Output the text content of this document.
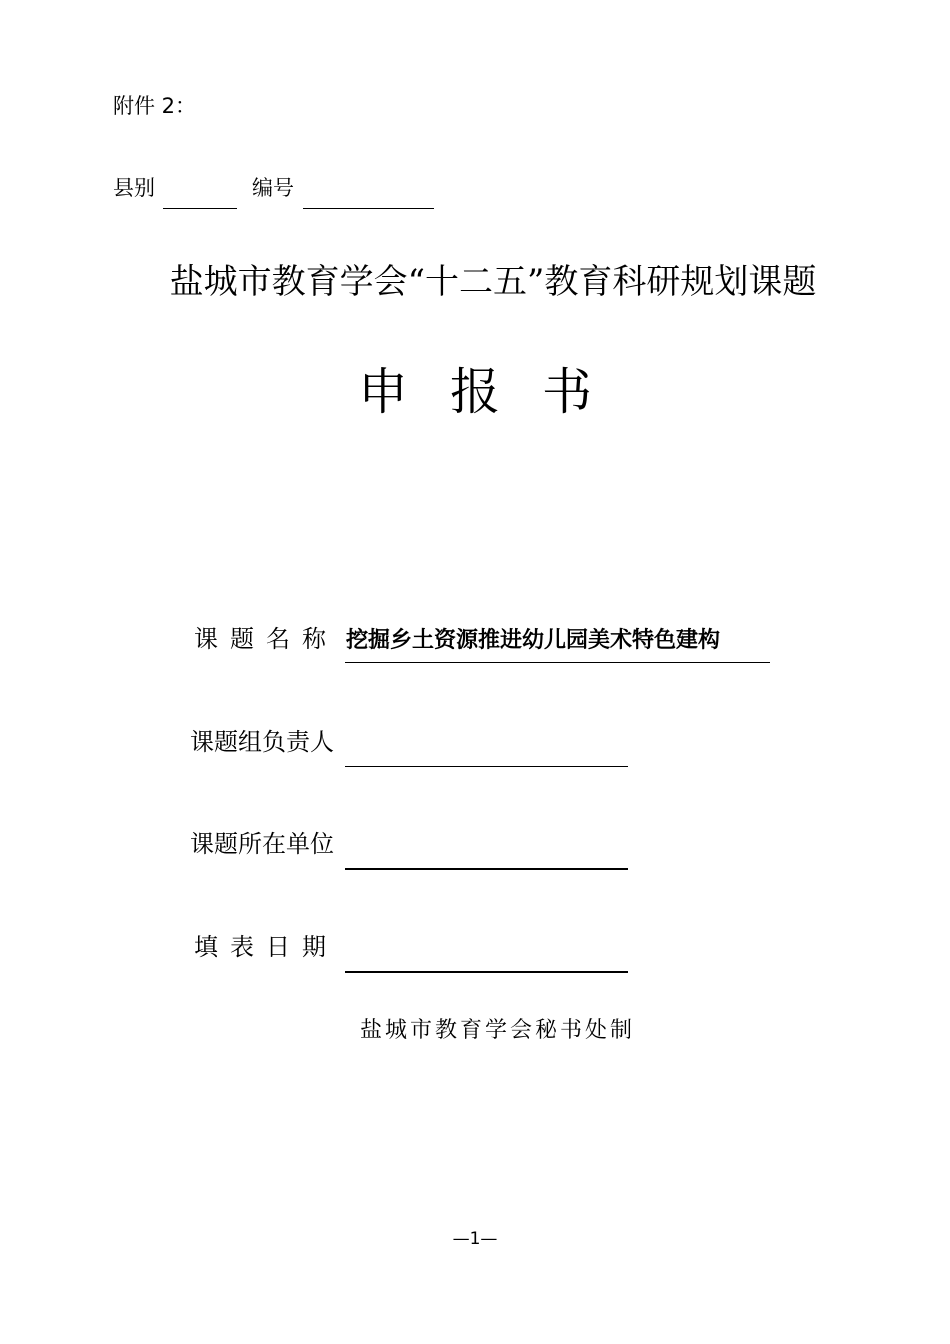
附件 2：
县别	编号
盐城市教育学会“十二五”教育科研规划课题
申报书
课题名称 挖掘乡土资源推进幼儿园美术特色建构
课题组负责人
课题所在单位
填表日期
盐城市教育学会秘书处制
—1—
